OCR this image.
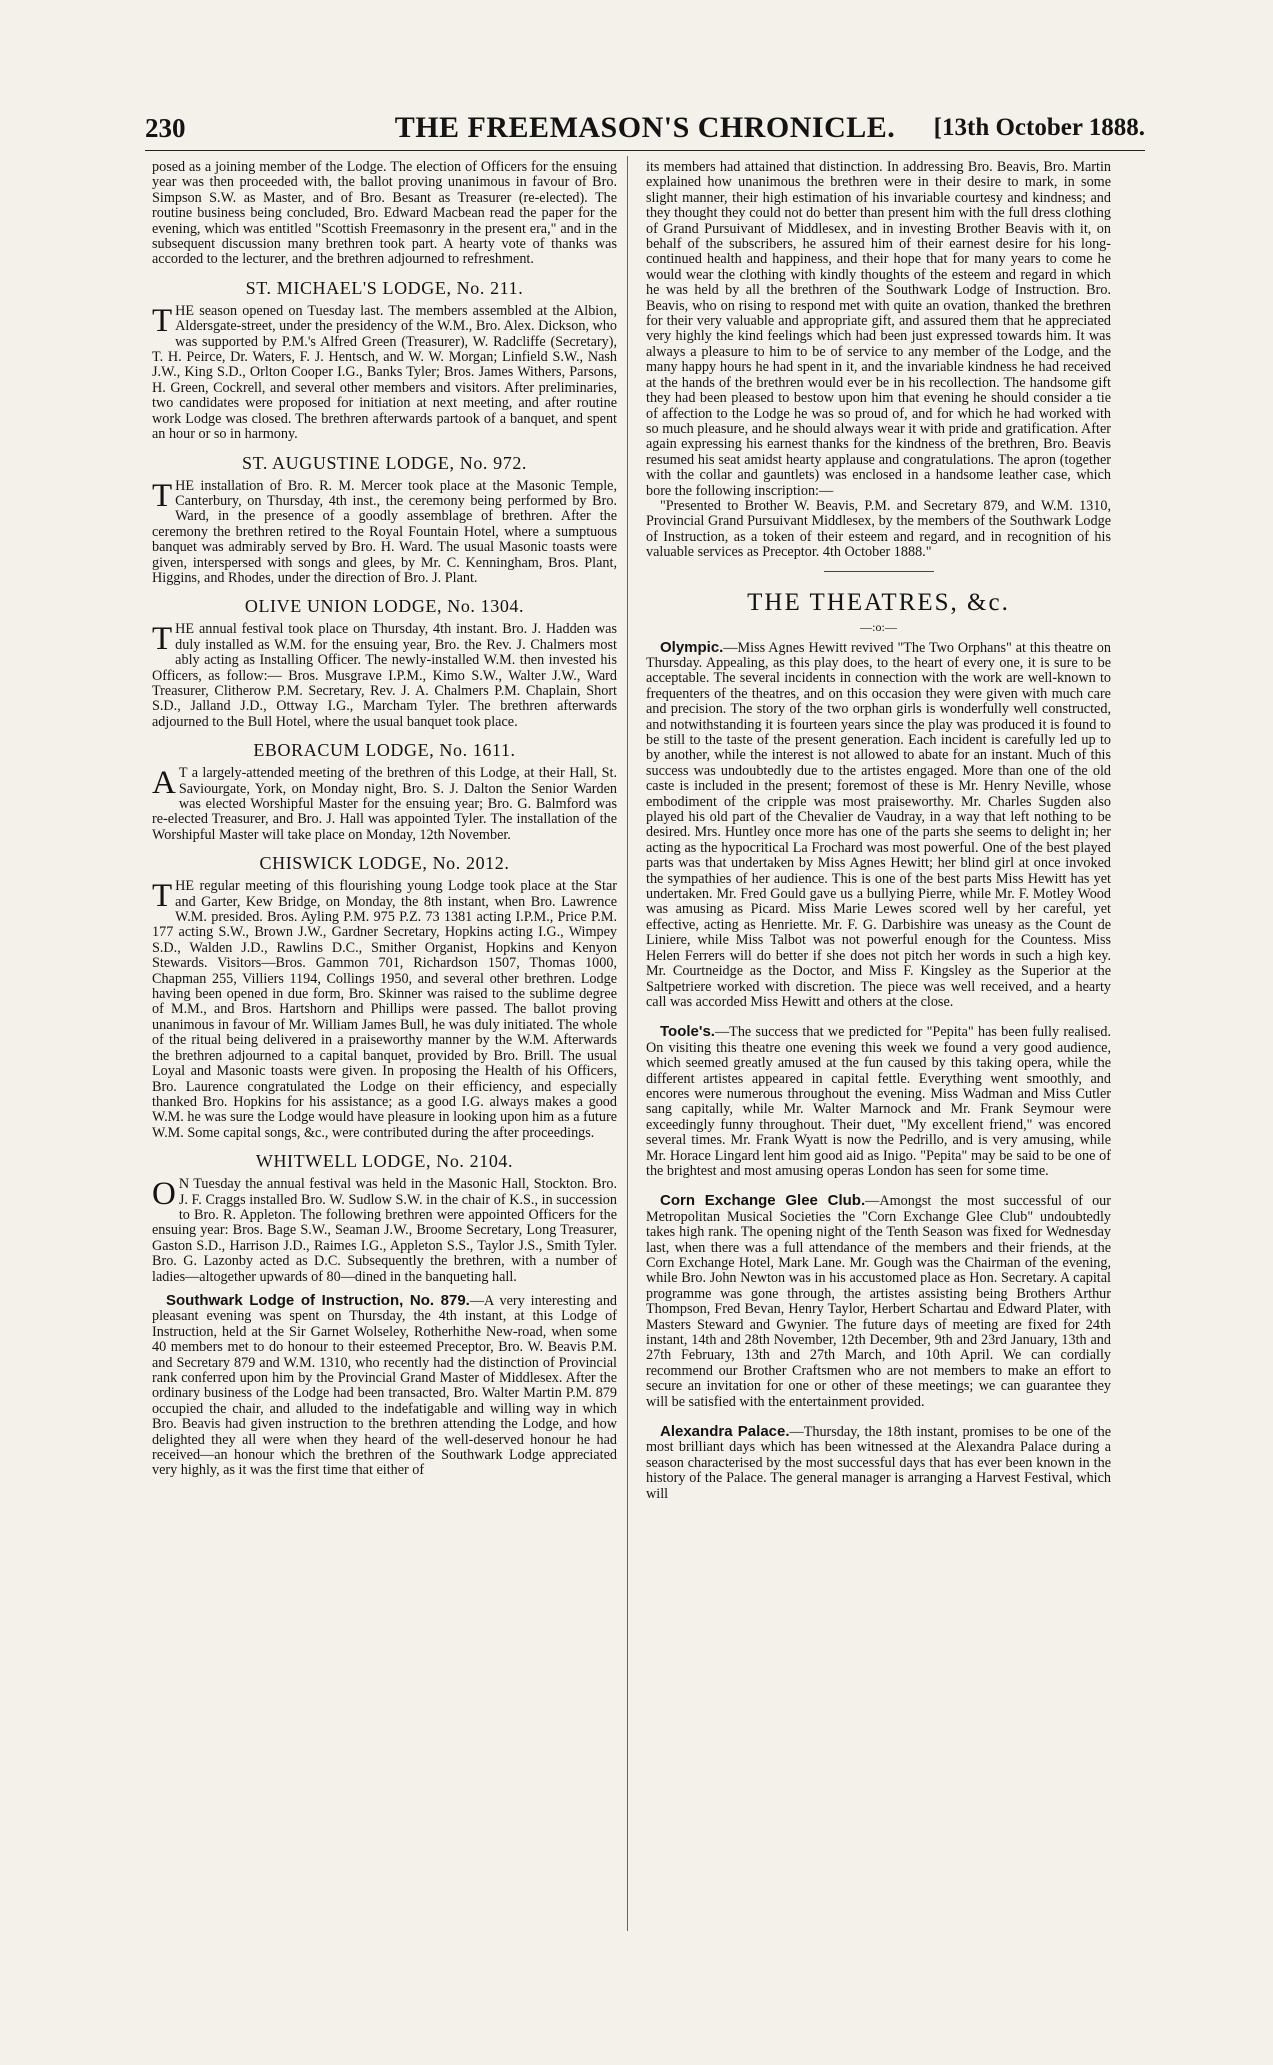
230	THE FREEMASON'S CHRONICLE.	[13th October 1888.

posed as a joining member of the Lodge. The election of Officers for the ensuing year was then proceeded with, the ballot proving unanimous in favour of Bro. Simpson S.W. as Master, and of Bro. Besant as Treasurer (re-elected). The routine business being concluded, Bro. Edward Macbean read the paper for the evening, which was entitled "Scottish Freemasonry in the present era," and in the subsequent discussion many brethren took part. A hearty vote of thanks was accorded to the lecturer, and the brethren adjourned to refreshment.

ST. MICHAEL'S LODGE, No. 211.

THE season opened on Tuesday last. The members assembled at the Albion, Aldersgate-street, under the presidency of the W.M., Bro. Alex. Dickson, who was supported by P.M.'s Alfred Green (Treasurer), W. Radcliffe (Secretary), T. H. Peirce, Dr. Waters, F. J. Hentsch, and W. W. Morgan; Linfield S.W., Nash J.W., King S.D., Orlton Cooper I.G., Banks Tyler; Bros. James Withers, Parsons, H. Green, Cockrell, and several other members and visitors. After preliminaries, two candidates were proposed for initiation at next meeting, and after routine work Lodge was closed. The brethren afterwards partook of a banquet, and spent an hour or so in harmony.

ST. AUGUSTINE LODGE, No. 972.

THE installation of Bro. R. M. Mercer took place at the Masonic Temple, Canterbury, on Thursday, 4th inst., the ceremony being performed by Bro. Ward, in the presence of a goodly assemblage of brethren. After the ceremony the brethren retired to the Royal Fountain Hotel, where a sumptuous banquet was admirably served by Bro. H. Ward. The usual Masonic toasts were given, interspersed with songs and glees, by Mr. C. Kenningham, Bros. Plant, Higgins, and Rhodes, under the direction of Bro. J. Plant.

OLIVE UNION LODGE, No. 1304.

THE annual festival took place on Thursday, 4th instant. Bro. J. Hadden was duly installed as W.M. for the ensuing year, Bro. the Rev. J. Chalmers most ably acting as Installing Officer. The newly-installed W.M. then invested his Officers, as follow:— Bros. Musgrave I.P.M., Kimo S.W., Walter J.W., Ward Treasurer, Clitherow P.M. Secretary, Rev. J. A. Chalmers P.M. Chaplain, Short S.D., Jalland J.D., Ottway I.G., Marcham Tyler. The brethren afterwards adjourned to the Bull Hotel, where the usual banquet took place.

EBORACUM LODGE, No. 1611.

AT a largely-attended meeting of the brethren of this Lodge, at their Hall, St. Saviourgate, York, on Monday night, Bro. S. J. Dalton the Senior Warden was elected Worshipful Master for the ensuing year; Bro. G. Balmford was re-elected Treasurer, and Bro. J. Hall was appointed Tyler. The installation of the Worshipful Master will take place on Monday, 12th November.

CHISWICK LODGE, No. 2012.

THE regular meeting of this flourishing young Lodge took place at the Star and Garter, Kew Bridge, on Monday, the 8th instant, when Bro. Lawrence W.M. presided. Bros. Ayling P.M. 975 P.Z. 73 1381 acting I.P.M., Price P.M. 177 acting S.W., Brown J.W., Gardner Secretary, Hopkins acting I.G., Wimpey S.D., Walden J.D., Rawlins D.C., Smither Organist, Hopkins and Kenyon Stewards. Visitors—Bros. Gammon 701, Richardson 1507, Thomas 1000, Chapman 255, Villiers 1194, Collings 1950, and several other brethren. Lodge having been opened in due form, Bro. Skinner was raised to the sublime degree of M.M., and Bros. Hartshorn and Phillips were passed. The ballot proving unanimous in favour of Mr. William James Bull, he was duly initiated. The whole of the ritual being delivered in a praiseworthy manner by the W.M. Afterwards the brethren adjourned to a capital banquet, provided by Bro. Brill. The usual Loyal and Masonic toasts were given. In proposing the Health of his Officers, Bro. Laurence congratulated the Lodge on their efficiency, and especially thanked Bro. Hopkins for his assistance; as a good I.G. always makes a good W.M. he was sure the Lodge would have pleasure in looking upon him as a future W.M. Some capital songs, &c., were contributed during the after proceedings.

WHITWELL LODGE, No. 2104.

ON Tuesday the annual festival was held in the Masonic Hall, Stockton. Bro. J. F. Craggs installed Bro. W. Sudlow S.W. in the chair of K.S., in succession to Bro. R. Appleton. The following brethren were appointed Officers for the ensuing year: Bros. Bage S.W., Seaman J.W., Broome Secretary, Long Treasurer, Gaston S.D., Harrison J.D., Raimes I.G., Appleton S.S., Taylor J.S., Smith Tyler. Bro. G. Lazonby acted as D.C. Subsequently the brethren, with a number of ladies—altogether upwards of 80—dined in the banqueting hall.

Southwark Lodge of Instruction, No. 879.—A very interesting and pleasant evening was spent on Thursday, the 4th instant, at this Lodge of Instruction, held at the Sir Garnet Wolseley, Rotherhithe New-road, when some 40 members met to do honour to their esteemed Preceptor, Bro. W. Beavis P.M. and Secretary 879 and W.M. 1310, who recently had the distinction of Provincial rank conferred upon him by the Provincial Grand Master of Middlesex. After the ordinary business of the Lodge had been transacted, Bro. Walter Martin P.M. 879 occupied the chair, and alluded to the indefatigable and willing way in which Bro. Beavis had given instruction to the brethren attending the Lodge, and how delighted they all were when they heard of the well-deserved honour he had received—an honour which the brethren of the Southwark Lodge appreciated very highly, as it was the first time that either of

its members had attained that distinction. In addressing Bro. Beavis, Bro. Martin explained how unanimous the brethren were in their desire to mark, in some slight manner, their high estimation of his invariable courtesy and kindness; and they thought they could not do better than present him with the full dress clothing of Grand Pursuivant of Middlesex, and in investing Brother Beavis with it, on behalf of the subscribers, he assured him of their earnest desire for his long-continued health and happiness, and their hope that for many years to come he would wear the clothing with kindly thoughts of the esteem and regard in which he was held by all the brethren of the Southwark Lodge of Instruction. Bro. Beavis, who on rising to respond met with quite an ovation, thanked the brethren for their very valuable and appropriate gift, and assured them that he appreciated very highly the kind feelings which had been just expressed towards him. It was always a pleasure to him to be of service to any member of the Lodge, and the many happy hours he had spent in it, and the invariable kindness he had received at the hands of the brethren would ever be in his recollection. The handsome gift they had been pleased to bestow upon him that evening he should consider a tie of affection to the Lodge he was so proud of, and for which he had worked with so much pleasure, and he should always wear it with pride and gratification. After again expressing his earnest thanks for the kindness of the brethren, Bro. Beavis resumed his seat amidst hearty applause and congratulations. The apron (together with the collar and gauntlets) was enclosed in a handsome leather case, which bore the following inscription:—

"Presented to Brother W. Beavis, P.M. and Secretary 879, and W.M. 1310, Provincial Grand Pursuivant Middlesex, by the members of the Southwark Lodge of Instruction, as a token of their esteem and regard, and in recognition of his valuable services as Preceptor. 4th October 1888."

THE THEATRES, &c.
—:o:—

Olympic.—Miss Agnes Hewitt revived "The Two Orphans" at this theatre on Thursday. Appealing, as this play does, to the heart of every one, it is sure to be acceptable. The several incidents in connection with the work are well-known to frequenters of the theatres, and on this occasion they were given with much care and precision. The story of the two orphan girls is wonderfully well constructed, and notwithstanding it is fourteen years since the play was produced it is found to be still to the taste of the present generation. Each incident is carefully led up to by another, while the interest is not allowed to abate for an instant. Much of this success was undoubtedly due to the artistes engaged. More than one of the old caste is included in the present; foremost of these is Mr. Henry Neville, whose embodiment of the cripple was most praiseworthy. Mr. Charles Sugden also played his old part of the Chevalier de Vaudray, in a way that left nothing to be desired. Mrs. Huntley once more has one of the parts she seems to delight in; her acting as the hypocritical La Frochard was most powerful. One of the best played parts was that undertaken by Miss Agnes Hewitt; her blind girl at once invoked the sympathies of her audience. This is one of the best parts Miss Hewitt has yet undertaken. Mr. Fred Gould gave us a bullying Pierre, while Mr. F. Motley Wood was amusing as Picard. Miss Marie Lewes scored well by her careful, yet effective, acting as Henriette. Mr. F. G. Darbishire was uneasy as the Count de Liniere, while Miss Talbot was not powerful enough for the Countess. Miss Helen Ferrers will do better if she does not pitch her words in such a high key. Mr. Courtneidge as the Doctor, and Miss F. Kingsley as the Superior at the Saltpetriere worked with discretion. The piece was well received, and a hearty call was accorded Miss Hewitt and others at the close.

Toole's.—The success that we predicted for "Pepita" has been fully realised. On visiting this theatre one evening this week we found a very good audience, which seemed greatly amused at the fun caused by this taking opera, while the different artistes appeared in capital fettle. Everything went smoothly, and encores were numerous throughout the evening. Miss Wadman and Miss Cutler sang capitally, while Mr. Walter Marnock and Mr. Frank Seymour were exceedingly funny throughout. Their duet, "My excellent friend," was encored several times. Mr. Frank Wyatt is now the Pedrillo, and is very amusing, while Mr. Horace Lingard lent him good aid as Inigo. "Pepita" may be said to be one of the brightest and most amusing operas London has seen for some time.

Corn Exchange Glee Club.—Amongst the most successful of our Metropolitan Musical Societies the "Corn Exchange Glee Club" undoubtedly takes high rank. The opening night of the Tenth Season was fixed for Wednesday last, when there was a full attendance of the members and their friends, at the Corn Exchange Hotel, Mark Lane. Mr. Gough was the Chairman of the evening, while Bro. John Newton was in his accustomed place as Hon. Secretary. A capital programme was gone through, the artistes assisting being Brothers Arthur Thompson, Fred Bevan, Henry Taylor, Herbert Schartau and Edward Plater, with Masters Steward and Gwynier. The future days of meeting are fixed for 24th instant, 14th and 28th November, 12th December, 9th and 23rd January, 13th and 27th February, 13th and 27th March, and 10th April. We can cordially recommend our Brother Craftsmen who are not members to make an effort to secure an invitation for one or other of these meetings; we can guarantee they will be satisfied with the entertainment provided.

Alexandra Palace.—Thursday, the 18th instant, promises to be one of the most brilliant days which has been witnessed at the Alexandra Palace during a season characterised by the most successful days that has ever been known in the history of the Palace. The general manager is arranging a Harvest Festival, which will
